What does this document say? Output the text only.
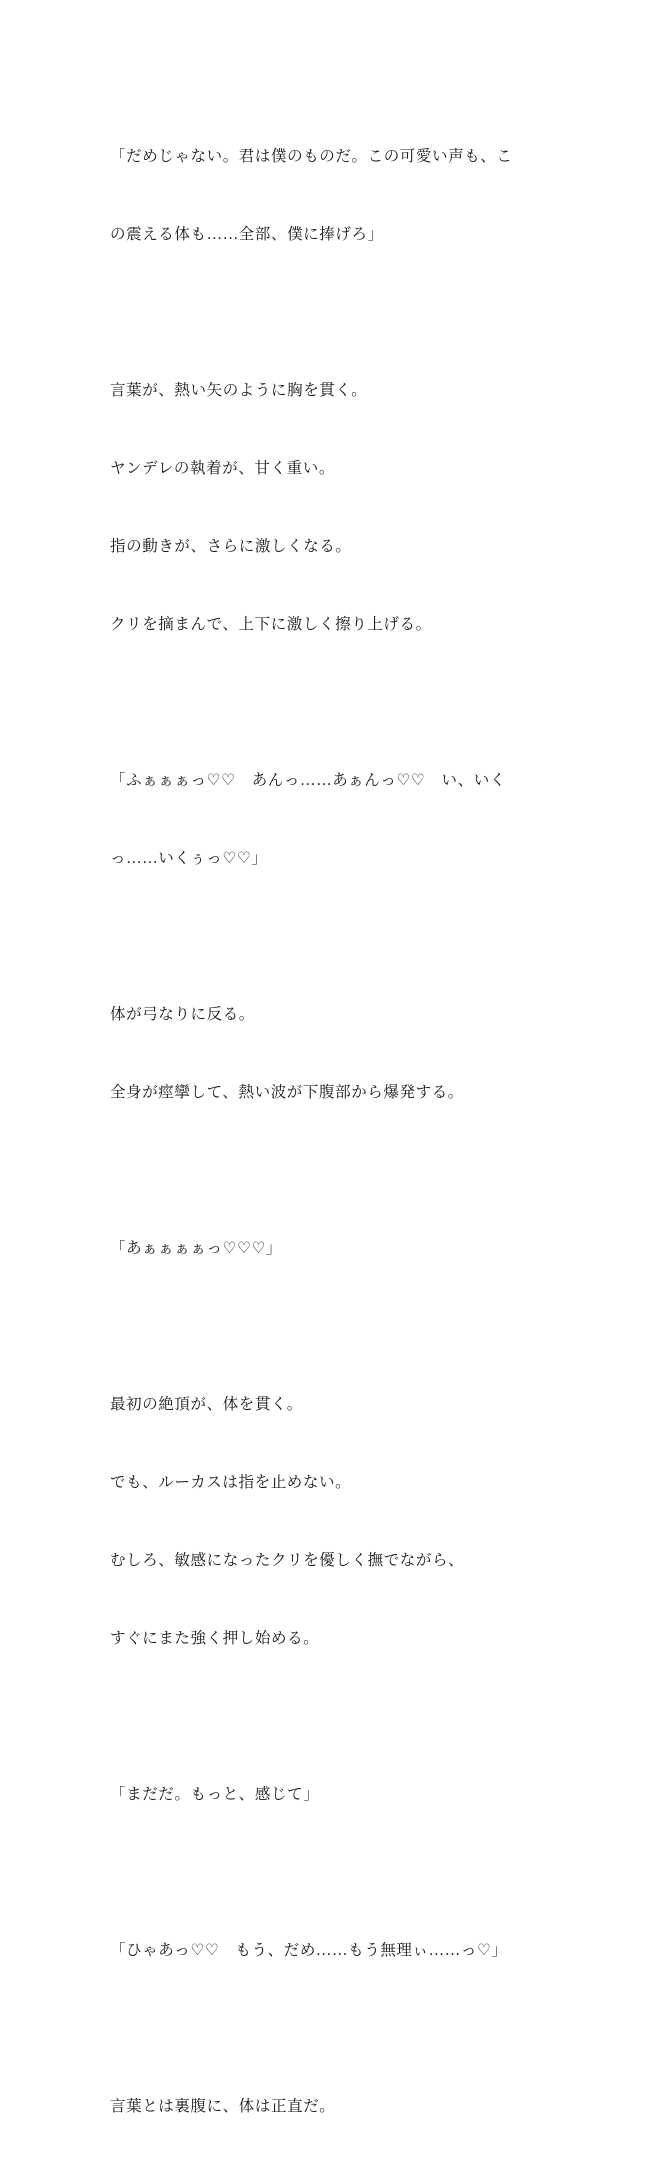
「だめじゃない。君は僕のものだ。この可愛い声も、こ

の震える体も……全部、僕に捧げろ」

言葉が、熱い矢のように胸を貫く。

ヤンデレの執着が、甘く重い。

指の動きが、さらに激しくなる。

クリを摘まんで、上下に激しく擦り上げる。

「ふぁぁぁっ♡♡　あんっ……あぁんっ♡♡　い、いく

っ……いくぅっ♡♡」

体が弓なりに反る。

全身が痙攣して、熱い波が下腹部から爆発する。

「あぁぁぁぁっ♡♡♡」

最初の絶頂が、体を貫く。

でも、ルーカスは指を止めない。

むしろ、敏感になったクリを優しく撫でながら、

すぐにまた強く押し始める。

「まだだ。もっと、感じて」

「ひゃあっ♡♡　もう、だめ……もう無理ぃ……っ♡」

言葉とは裏腹に、体は正直だ。
